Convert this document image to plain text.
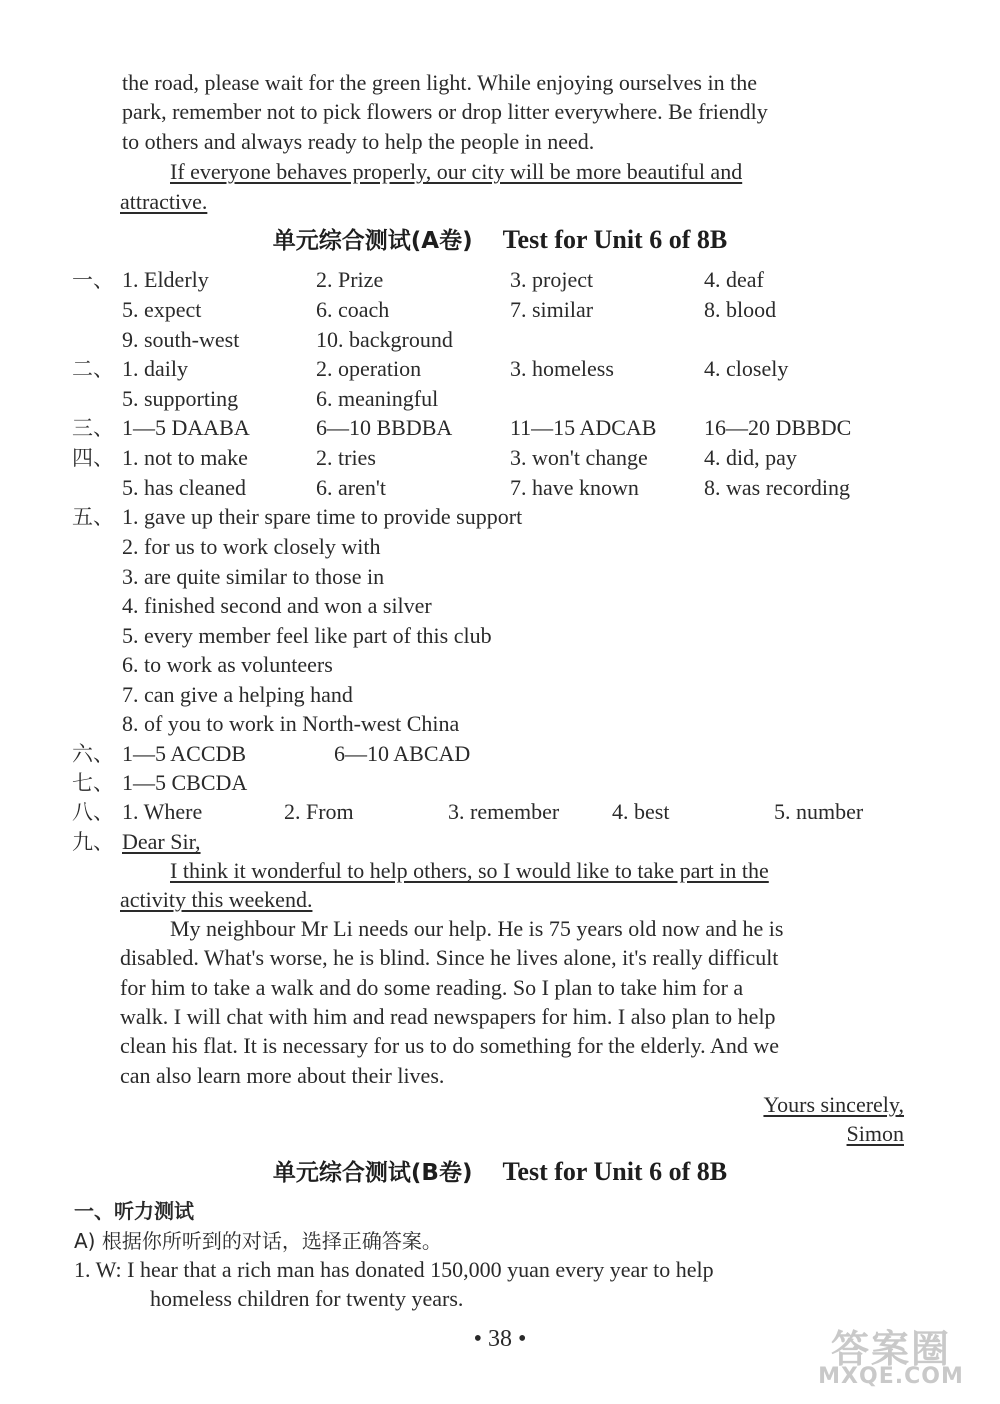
the road, please wait for the green light. While enjoying ourselves in the
park, remember not to pick flowers or drop litter everywhere. Be friendly
to others and always ready to help the people in need.
If everyone behaves properly, our city will be more beautiful and
attractive.
单元综合测试(A卷) Test for Unit 6 of 8B
一、 1. Elderly	2. Prize	3. project	4. deaf
5. expect	6. coach	7. similar	8. blood
9. south-west	10. background
二、 1. daily	2. operation	3. homeless	4. closely
5. supporting	6. meaningful
三、 1—5 DAABA	6—10 BBDBA	11—15 ADCAB 16—20 DBBDC
四、 1. not to make	2. tries	3. won't change	4. did, pay
5. has cleaned	6. aren't	7. have known	8. was recording
五、 1. gave up their spare time to provide support
2. for us to work closely with
3. are quite similar to those in
4. finished second and won a silver
5. every member feel like part of this club
6. to work as volunteers
7. can give a helping hand
8. of you to work in North-west China
六、 1—5 ACCDB	6—10 ABCAD
七、 1—5 CBCDA
八、 1. Where	2. From	3. remember 4. best	5. number
九、 Dear Sir,
I think it wonderful to help others, so I would like to take part in the
activity this weekend.
My neighbour Mr Li needs our help. He is 75 years old now and he is
disabled. What's worse, he is blind. Since he lives alone, it's really difficult
for him to take a walk and do some reading. So I plan to take him for a
walk. I will chat with him and read newspapers for him. I also plan to help
clean his flat. It is necessary for us to do something for the elderly. And we
can also learn more about their lives.
Yours sincerely,
Simon
单元综合测试(B卷) Test for Unit 6 of 8B
一、听力测试
A) 根据你所听到的对话，选择正确答案。
1. W: I hear that a rich man has donated 150,000 yuan every year to help
homeless children for twenty years.
• 38 •	答案圈
MXQE.COM
